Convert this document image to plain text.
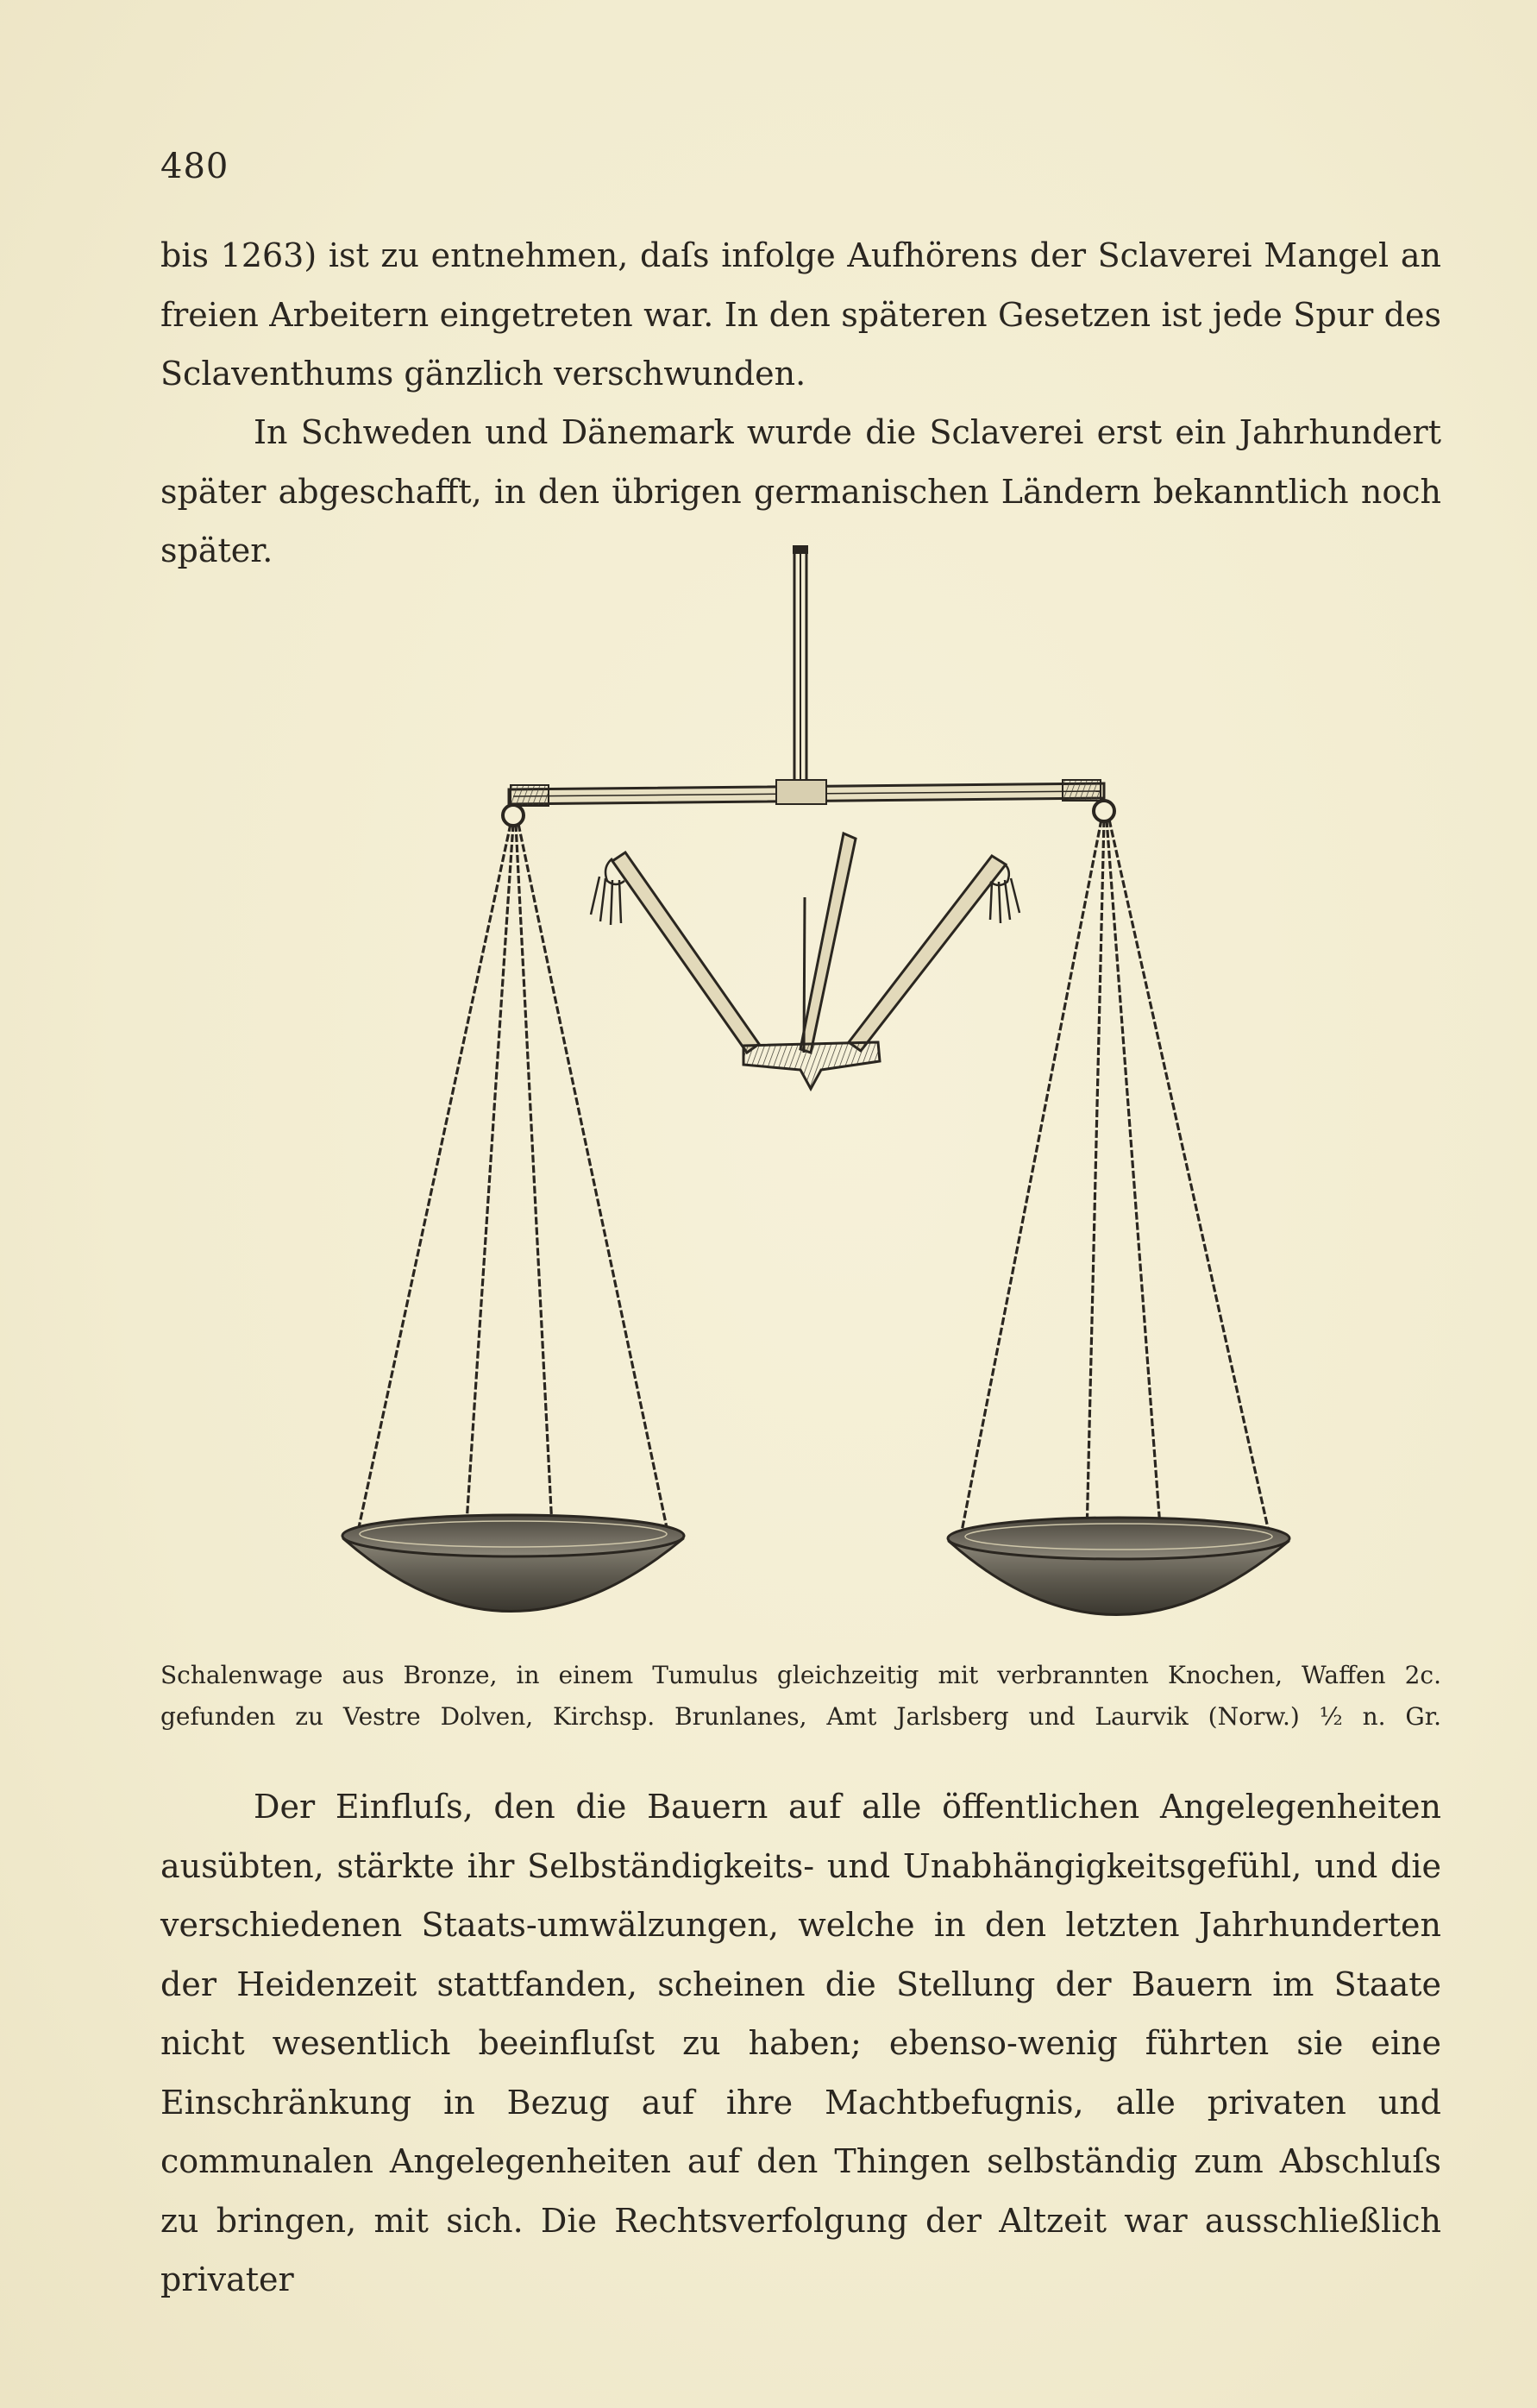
480

bis 1263) ist zu entnehmen, daſs infolge Aufhörens der Sclaverei Mangel an freien Arbeitern eingetreten war. In den späteren Gesetzen ist jede Spur des Sclaventhums gänzlich verschwunden.

In Schweden und Dänemark wurde die Sclaverei erst ein Jahrhundert später abgeschafft, in den übrigen germanischen Ländern bekanntlich noch später.

Schalenwage aus Bronze, in einem Tumulus gleichzeitig mit verbrannten Knochen, Waffen 2c.
gefunden zu Vestre Dolven, Kirchsp. Brunlanes, Amt Jarlsberg und Laurvik (Norw.) ½ n. Gr.

Der Einfluſs, den die Bauern auf alle öffentlichen Angelegenheiten ausübten, stärkte ihr Selbständigkeits- und Unabhängigkeitsgefühl, und die verschiedenen Staats-umwälzungen, welche in den letzten Jahrhunderten der Heidenzeit stattfanden, scheinen die Stellung der Bauern im Staate nicht wesentlich beeinfluſst zu haben; ebenso-wenig führten sie eine Einschränkung in Bezug auf ihre Machtbefugnis, alle privaten und communalen Angelegenheiten auf den Thingen selbständig zum Abschluſs zu bringen, mit sich. Die Rechtsverfolgung der Altzeit war ausschließlich privater
